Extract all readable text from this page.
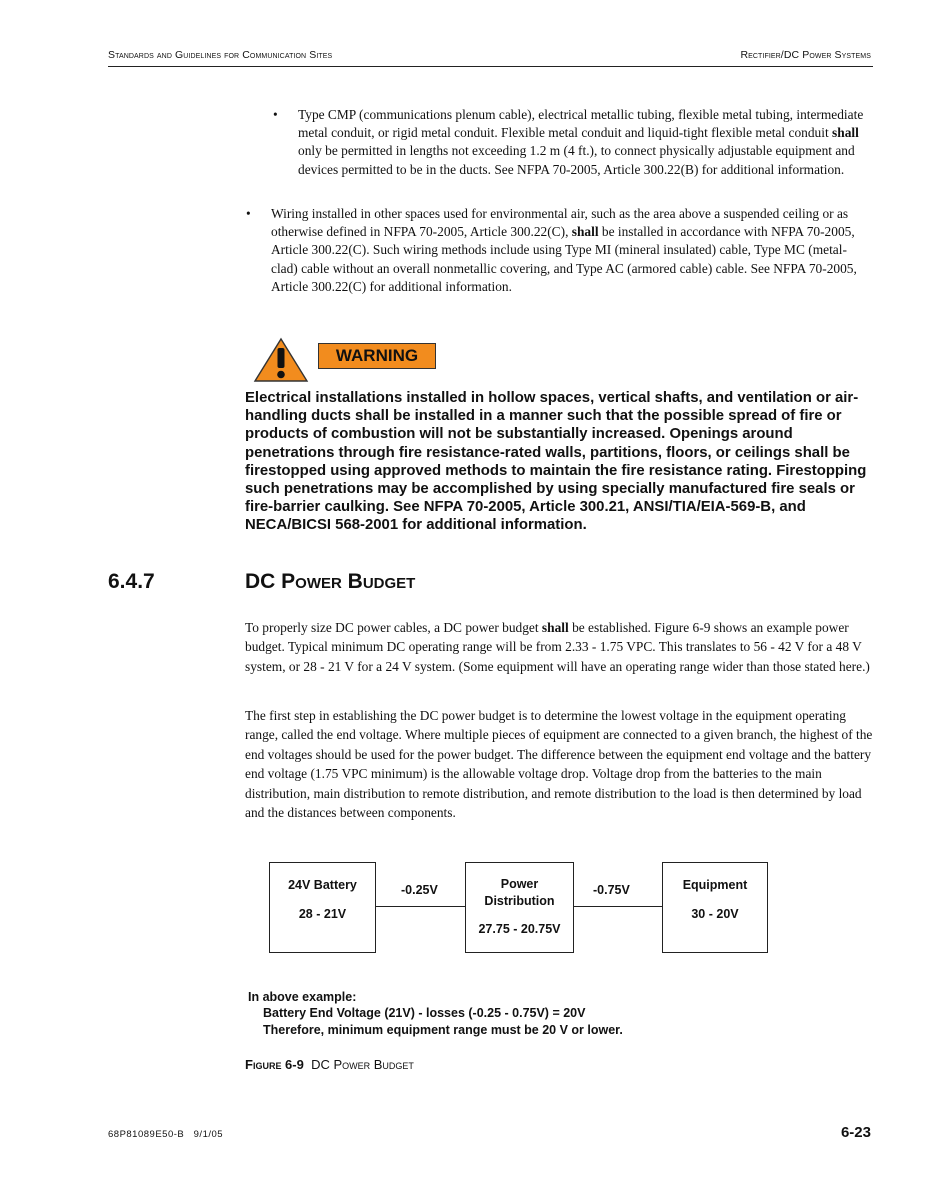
Standards and Guidelines for Communication Sites	Rectifier/DC Power Systems
• Type CMP (communications plenum cable), electrical metallic tubing, flexible metal tubing, intermediate metal conduit, or rigid metal conduit. Flexible metal conduit and liquid-tight flexible metal conduit shall only be permitted in lengths not exceeding 1.2 m (4 ft.), to connect physically adjustable equipment and devices permitted to be in the ducts. See NFPA 70-2005, Article 300.22(B) for additional information.
• Wiring installed in other spaces used for environmental air, such as the area above a suspended ceiling or as otherwise defined in NFPA 70-2005, Article 300.22(C), shall be installed in accordance with NFPA 70-2005, Article 300.22(C). Such wiring methods include using Type MI (mineral insulated) cable, Type MC (metal-clad) cable without an overall nonmetallic covering, and Type AC (armored cable) cable. See NFPA 70-2005, Article 300.22(C) for additional information.
WARNING
Electrical installations installed in hollow spaces, vertical shafts, and ventilation or air-handling ducts shall be installed in a manner such that the possible spread of fire or products of combustion will not be substantially increased. Openings around penetrations through fire resistance-rated walls, partitions, floors, or ceilings shall be firestopped using approved methods to maintain the fire resistance rating. Firestopping such penetrations may be accomplished by using specially manufactured fire seals or fire-barrier caulking. See NFPA 70-2005, Article 300.21, ANSI/TIA/EIA-569-B, and NECA/BICSI 568-2001 for additional information.
6.4.7	DC Power Budget
To properly size DC power cables, a DC power budget shall be established. Figure 6-9 shows an example power budget. Typical minimum DC operating range will be from 2.33 - 1.75 VPC. This translates to 56 - 42 V for a 48 V system, or 28 - 21 V for a 24 V system. (Some equipment will have an operating range wider than those stated here.)
The first step in establishing the DC power budget is to determine the lowest voltage in the equipment operating range, called the end voltage. Where multiple pieces of equipment are connected to a given branch, the highest of the end voltages should be used for the power budget. The difference between the equipment end voltage and the battery end voltage (1.75 VPC minimum) is the allowable voltage drop. Voltage drop from the batteries to the main distribution, main distribution to remote distribution, and remote distribution to the load is then determined by load and the distances between components.
24V Battery
28 - 21V
-0.25V	Power
Distribution
27.75 - 20.75V
-0.75V	Equipment
30 - 20V
In above example:
Battery End Voltage (21V) - losses (-0.25 - 0.75V) = 20V
Therefore, minimum equipment range must be 20 V or lower.
Figure 6-9 DC Power Budget
68P81089E50-B   9/1/05	6-23
